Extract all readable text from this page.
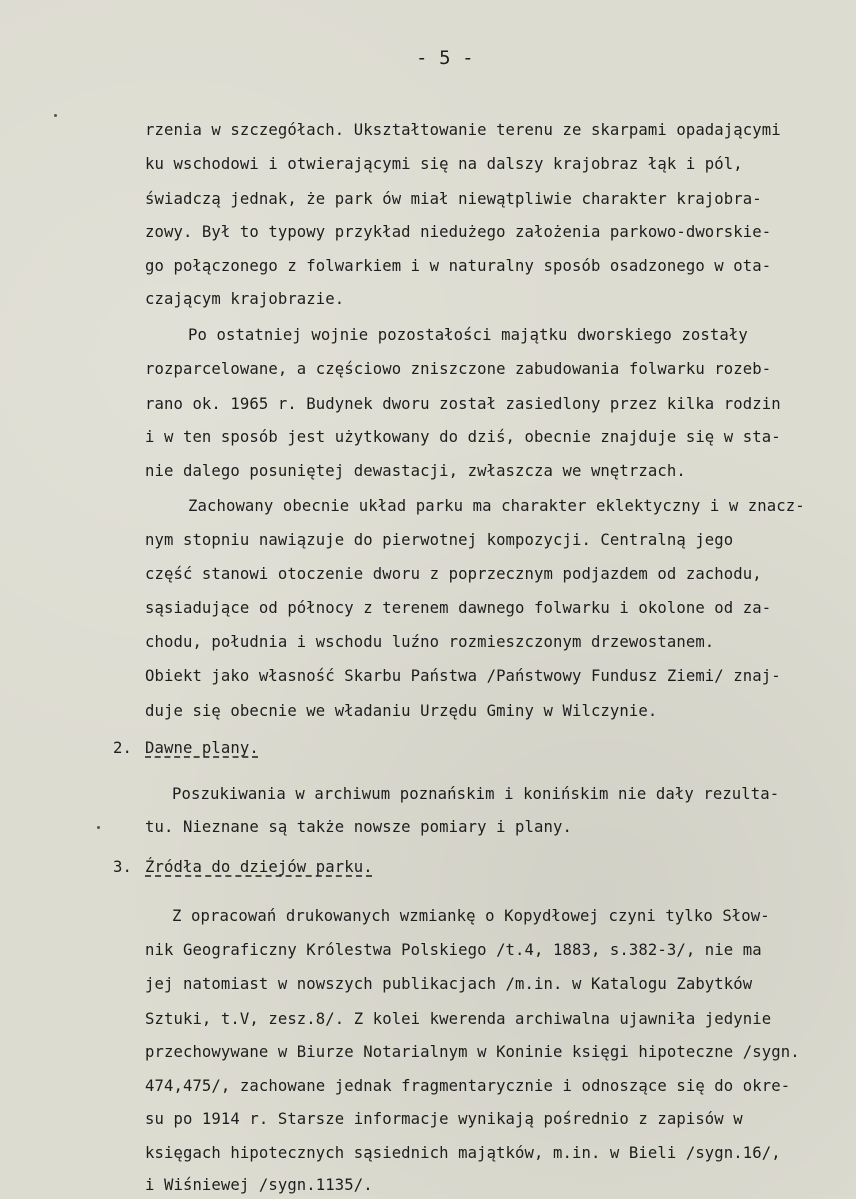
- 5 -

rzenia w szczegółach. Ukształtowanie terenu ze skarpami opadającymi

ku wschodowi i otwierającymi się na dalszy krajobraz łąk i pól,

świadczą jednak, że park ów miał niewątpliwie charakter krajobra-

zowy. Był to typowy przykład niedużego założenia parkowo-dworskie-

go połączonego z folwarkiem i w naturalny sposób osadzonego w ota-

czającym krajobrazie.

Po ostatniej wojnie pozostałości majątku dworskiego zostały

rozparcelowane, a częściowo zniszczone zabudowania folwarku rozeb-

rano ok. 1965 r. Budynek dworu został zasiedlony przez kilka rodzin

i w ten sposób jest użytkowany do dziś, obecnie znajduje się w sta-

nie dalego posuniętej dewastacji, zwłaszcza we wnętrzach.

Zachowany obecnie układ parku ma charakter eklektyczny i w znacz-

nym stopniu nawiązuje do pierwotnej kompozycji. Centralną jego

część stanowi otoczenie dworu z poprzecznym podjazdem od zachodu,

sąsiadujące od północy z terenem dawnego folwarku i okolone od za-

chodu, południa i wschodu luźno rozmieszczonym drzewostanem.

Obiekt jako własność Skarbu Państwa /Państwowy Fundusz Ziemi/ znaj-

duje się obecnie we władaniu Urzędu Gminy w Wilczynie.

2.

Dawne plany.

Poszukiwania w archiwum poznańskim i konińskim nie dały rezulta-

tu. Nieznane są także nowsze pomiary i plany.

3.

Źródła do dziejów parku.

Z opracowań drukowanych wzmiankę o Kopydłowej czyni tylko Słow-

nik Geograficzny Królestwa Polskiego /t.4, 1883, s.382-3/, nie ma

jej natomiast w nowszych publikacjach /m.in. w Katalogu Zabytków

Sztuki, t.V, zesz.8/. Z kolei kwerenda archiwalna ujawniła jedynie

przechowywane w Biurze Notarialnym w Koninie księgi hipoteczne /sygn.

474,475/, zachowane jednak fragmentarycznie i odnoszące się do okre-

su po 1914 r. Starsze informacje wynikają pośrednio z zapisów w

księgach hipotecznych sąsiednich majątków, m.in. w Bieli /sygn.16/,

i Wiśniewej /sygn.1135/.
